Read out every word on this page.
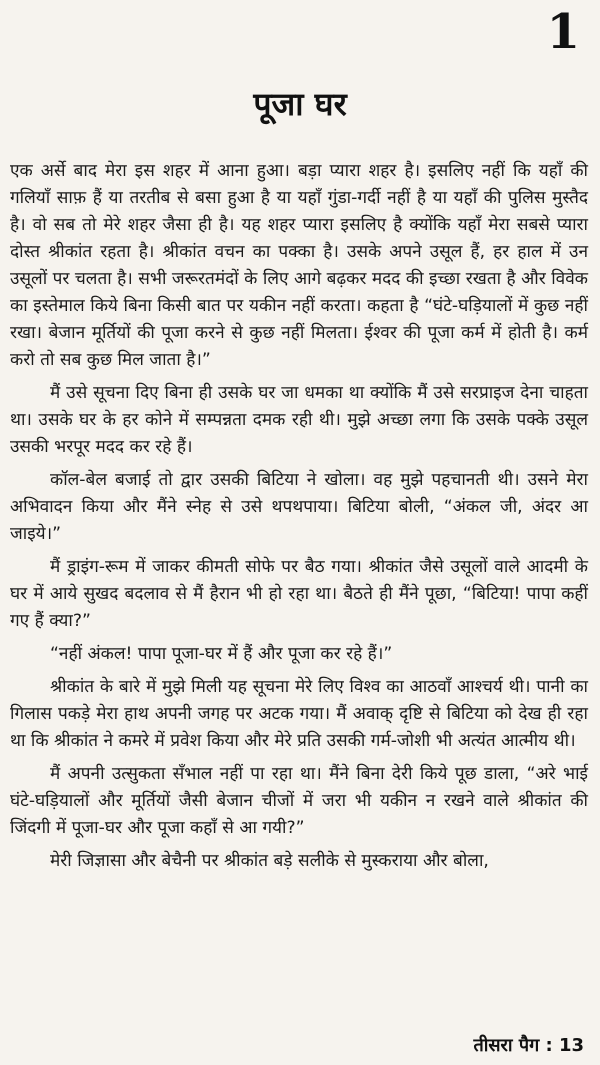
1
पूजा घर

एक अर्से बाद मेरा इस शहर में आना हुआ। बड़ा प्यारा शहर है। इसलिए नहीं कि यहाँ की गलियाँ साफ़ हैं या तरतीब से बसा हुआ है या यहाँ गुंडा-गर्दी नहीं है या यहाँ की पुलिस मुस्तैद है। वो सब तो मेरे शहर जैसा ही है। यह शहर प्यारा इसलिए है क्योंकि यहाँ मेरा सबसे प्यारा दोस्त श्रीकांत रहता है। श्रीकांत वचन का पक्का है। उसके अपने उसूल हैं, हर हाल में उन उसूलों पर चलता है। सभी जरूरतमंदों के लिए आगे बढ़कर मदद की इच्छा रखता है और विवेक का इस्तेमाल किये बिना किसी बात पर यकीन नहीं करता। कहता है “घंटे-घड़ियालों में कुछ नहीं रखा। बेजान मूर्तियों की पूजा करने से कुछ नहीं मिलता। ईश्वर की पूजा कर्म में होती है। कर्म करो तो सब कुछ मिल जाता है।”

मैं उसे सूचना दिए बिना ही उसके घर जा धमका था क्योंकि मैं उसे सरप्राइज देना चाहता था। उसके घर के हर कोने में सम्पन्नता दमक रही थी। मुझे अच्छा लगा कि उसके पक्के उसूल उसकी भरपूर मदद कर रहे हैं।

कॉल-बेल बजाई तो द्वार उसकी बिटिया ने खोला। वह मुझे पहचानती थी। उसने मेरा अभिवादन किया और मैंने स्नेह से उसे थपथपाया। बिटिया बोली, “अंकल जी, अंदर आ जाइये।”

मैं ड्राइंग-रूम में जाकर कीमती सोफे पर बैठ गया। श्रीकांत जैसे उसूलों वाले आदमी के घर में आये सुखद बदलाव से मैं हैरान भी हो रहा था। बैठते ही मैंने पूछा, “बिटिया! पापा कहीं गए हैं क्या?”

“नहीं अंकल! पापा पूजा-घर में हैं और पूजा कर रहे हैं।”

श्रीकांत के बारे में मुझे मिली यह सूचना मेरे लिए विश्व का आठवाँ आश्चर्य थी। पानी का गिलास पकड़े मेरा हाथ अपनी जगह पर अटक गया। मैं अवाक् दृष्टि से बिटिया को देख ही रहा था कि श्रीकांत ने कमरे में प्रवेश किया और मेरे प्रति उसकी गर्म-जोशी भी अत्यंत आत्मीय थी।

मैं अपनी उत्सुकता सँभाल नहीं पा रहा था। मैंने बिना देरी किये पूछ डाला, “अरे भाई घंटे-घड़ियालों और मूर्तियों जैसी बेजान चीजों में जरा भी यकीन न रखने वाले श्रीकांत की जिंदगी में पूजा-घर और पूजा कहाँ से आ गयी?”

मेरी जिज्ञासा और बेचैनी पर श्रीकांत बड़े सलीके से मुस्कराया और बोला,

तीसरा पैग : 13
